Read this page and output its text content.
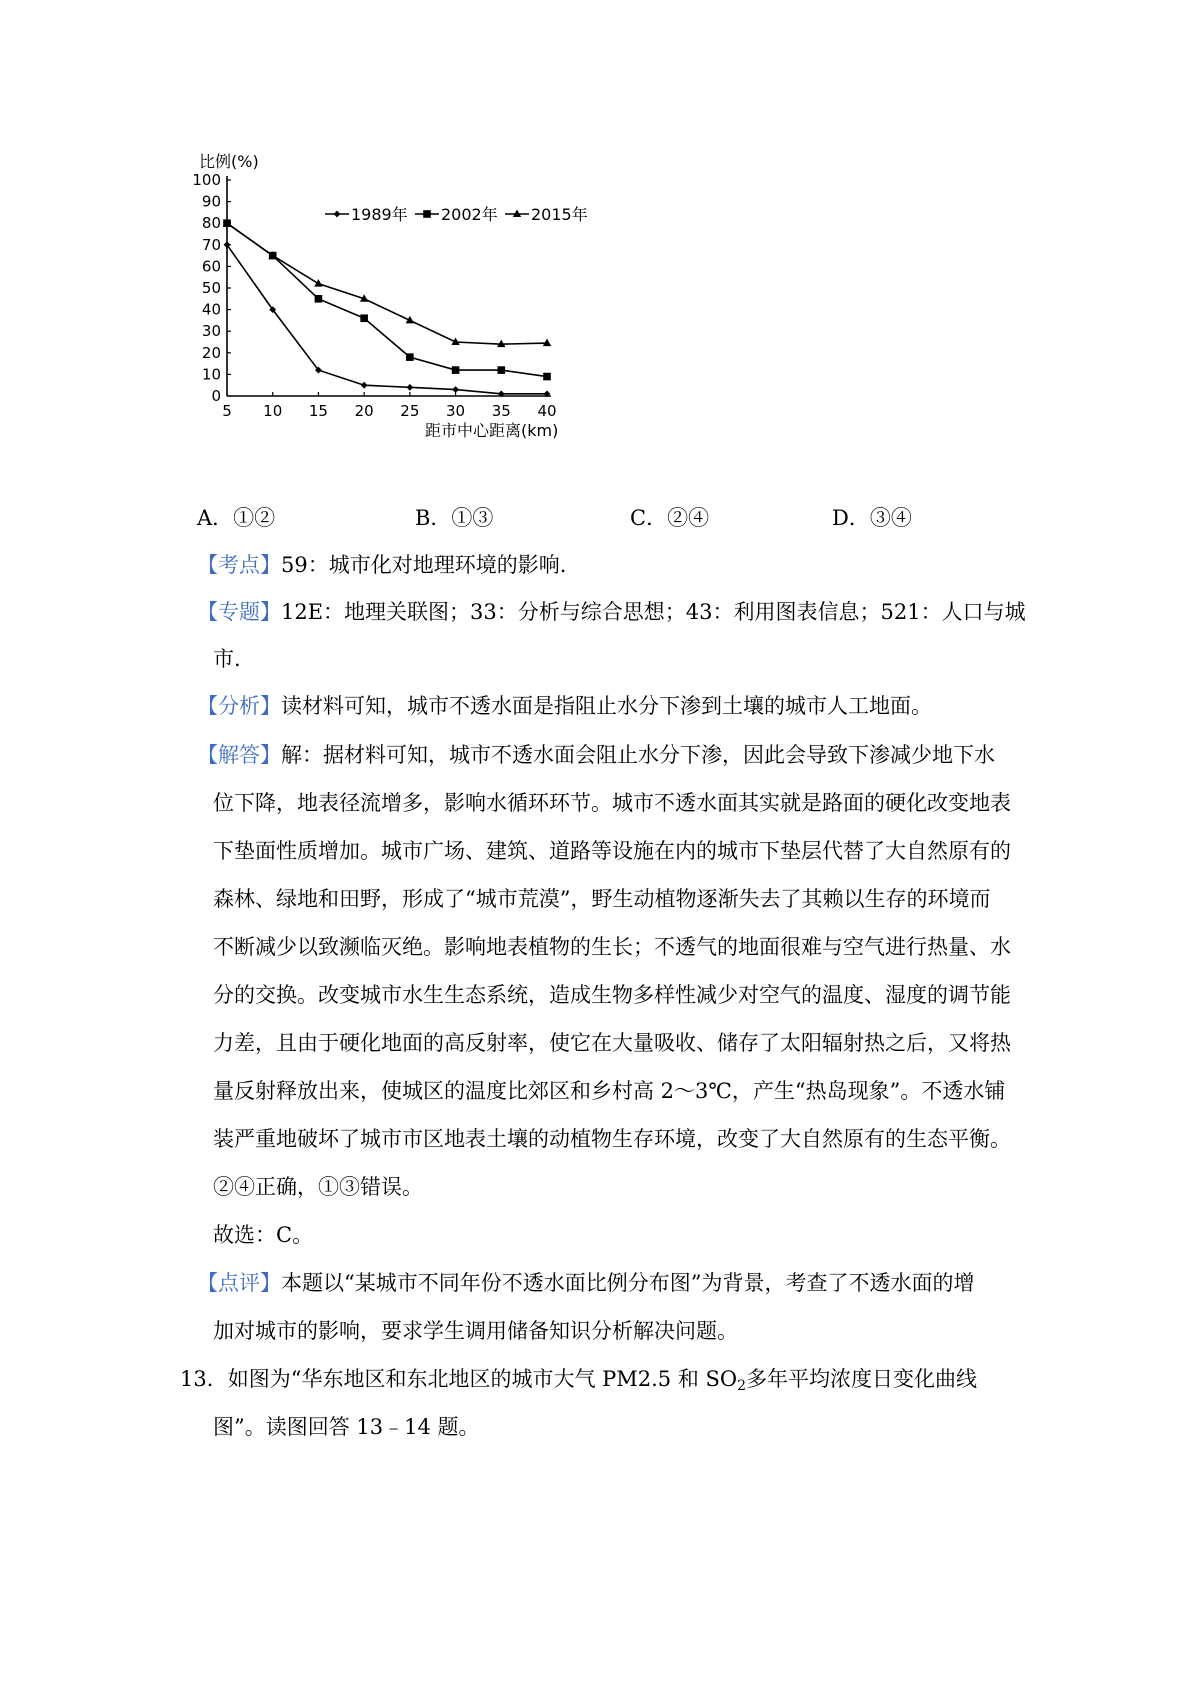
比例(%)
距市中心距离(km)
0
10
20
30
40
50
60
70
80
90
100
5 10 15 20 25 30 35 40
1989年 2002年 2015年
A．①②	B．①③	C．②④	D．③④
【考点】59：城市化对地理环境的影响.
【专题】12E：地理关联图；33：分析与综合思想；43：利用图表信息；521：人口与城
市.
【分析】读材料可知，城市不透水面是指阻止水分下渗到土壤的城市人工地面。
【解答】解：据材料可知，城市不透水面会阻止水分下渗，因此会导致下渗减少地下水
位下降，地表径流增多，影响水循环环节。城市不透水面其实就是路面的硬化改变地表
下垫面性质增加。城市广场、建筑、道路等设施在内的城市下垫层代替了大自然原有的
森林、绿地和田野，形成了“城市荒漠”，野生动植物逐渐失去了其赖以生存的环境而
不断减少以致濒临灭绝。影响地表植物的生长；不透气的地面很难与空气进行热量、水
分的交换。改变城市水生生态系统，造成生物多样性减少对空气的温度、湿度的调节能
力差，且由于硬化地面的高反射率，使它在大量吸收、储存了太阳辐射热之后，又将热
量反射释放出来，使城区的温度比郊区和乡村高 2～3℃，产生“热岛现象”。不透水铺
装严重地破坏了城市市区地表土壤的动植物生存环境，改变了大自然原有的生态平衡。
②④正确，①③错误。
故选：C。
【点评】本题以“某城市不同年份不透水面比例分布图”为背景，考查了不透水面的增
加对城市的影响，要求学生调用储备知识分析解决问题。
13．如图为“华东地区和东北地区的城市大气 PM2.5 和 $SO_2$多年平均浓度日变化曲线
图”。读图回答 13﹣14 题。
